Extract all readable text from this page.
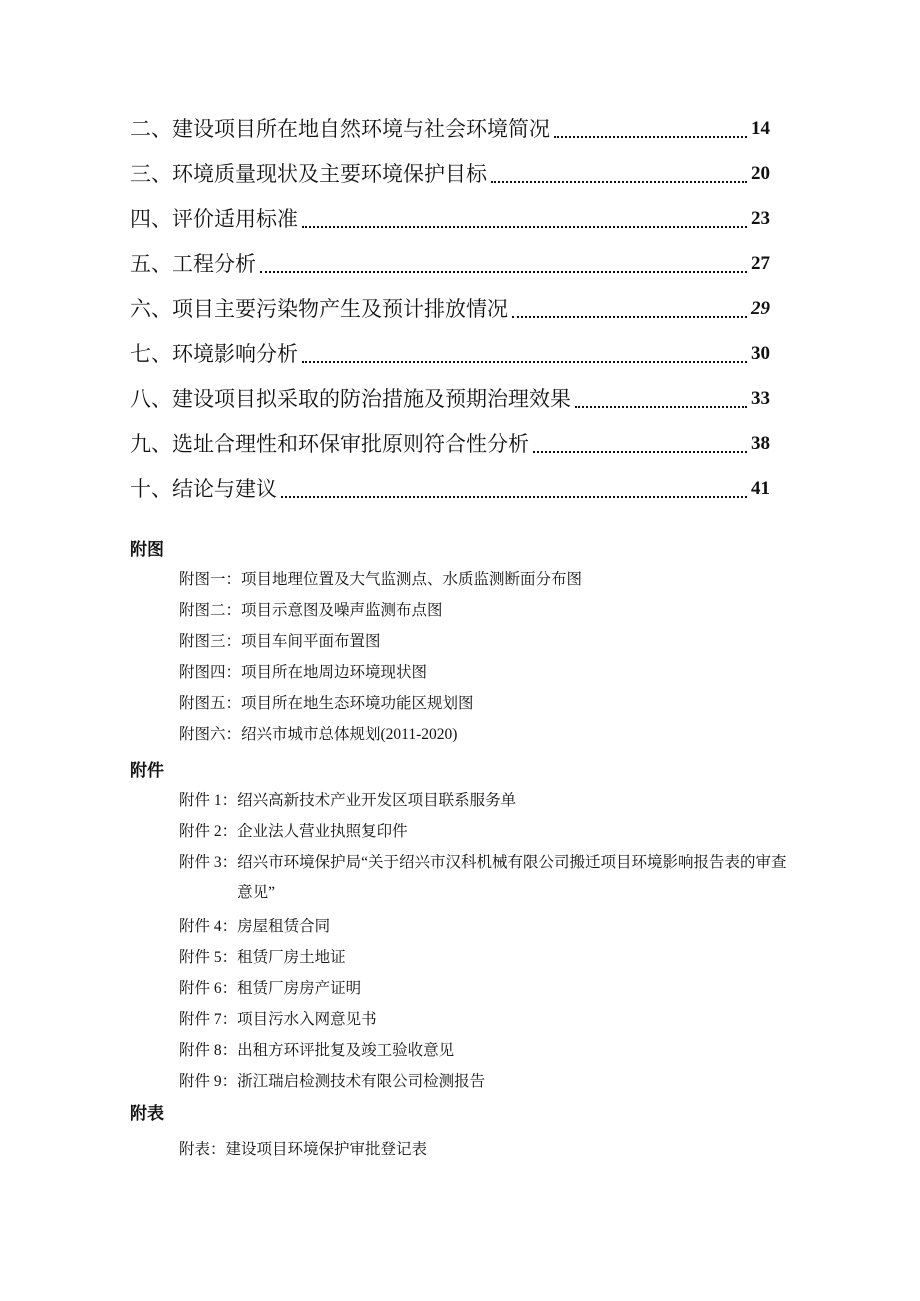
二、建设项目所在地自然环境与社会环境简况	14
三、环境质量现状及主要环境保护目标	20
四、评价适用标准	23
五、工程分析	27
六、项目主要污染物产生及预计排放情况	29
七、环境影响分析	30
八、建设项目拟采取的防治措施及预期治理效果	33
九、选址合理性和环保审批原则符合性分析	38
十、结论与建议	41
附图
附图一： 项目地理位置及大气监测点、水质监测断面分布图
附图二： 项目示意图及噪声监测布点图
附图三： 项目车间平面布置图
附图四： 项目所在地周边环境现状图
附图五： 项目所在地生态环境功能区规划图
附图六： 绍兴市城市总体规划(2011-2020)
附件
附件 1： 绍兴高新技术产业开发区项目联系服务单
附件 2： 企业法人营业执照复印件
附件 3： 绍兴市环境保护局“关于绍兴市汉科机械有限公司搬迁项目环境影响报告表的审查意见”
附件 4： 房屋租赁合同
附件 5： 租赁厂房土地证
附件 6： 租赁厂房房产证明
附件 7： 项目污水入网意见书
附件 8： 出租方环评批复及竣工验收意见
附件 9： 浙江瑞启检测技术有限公司检测报告
附表
附表： 建设项目环境保护审批登记表
